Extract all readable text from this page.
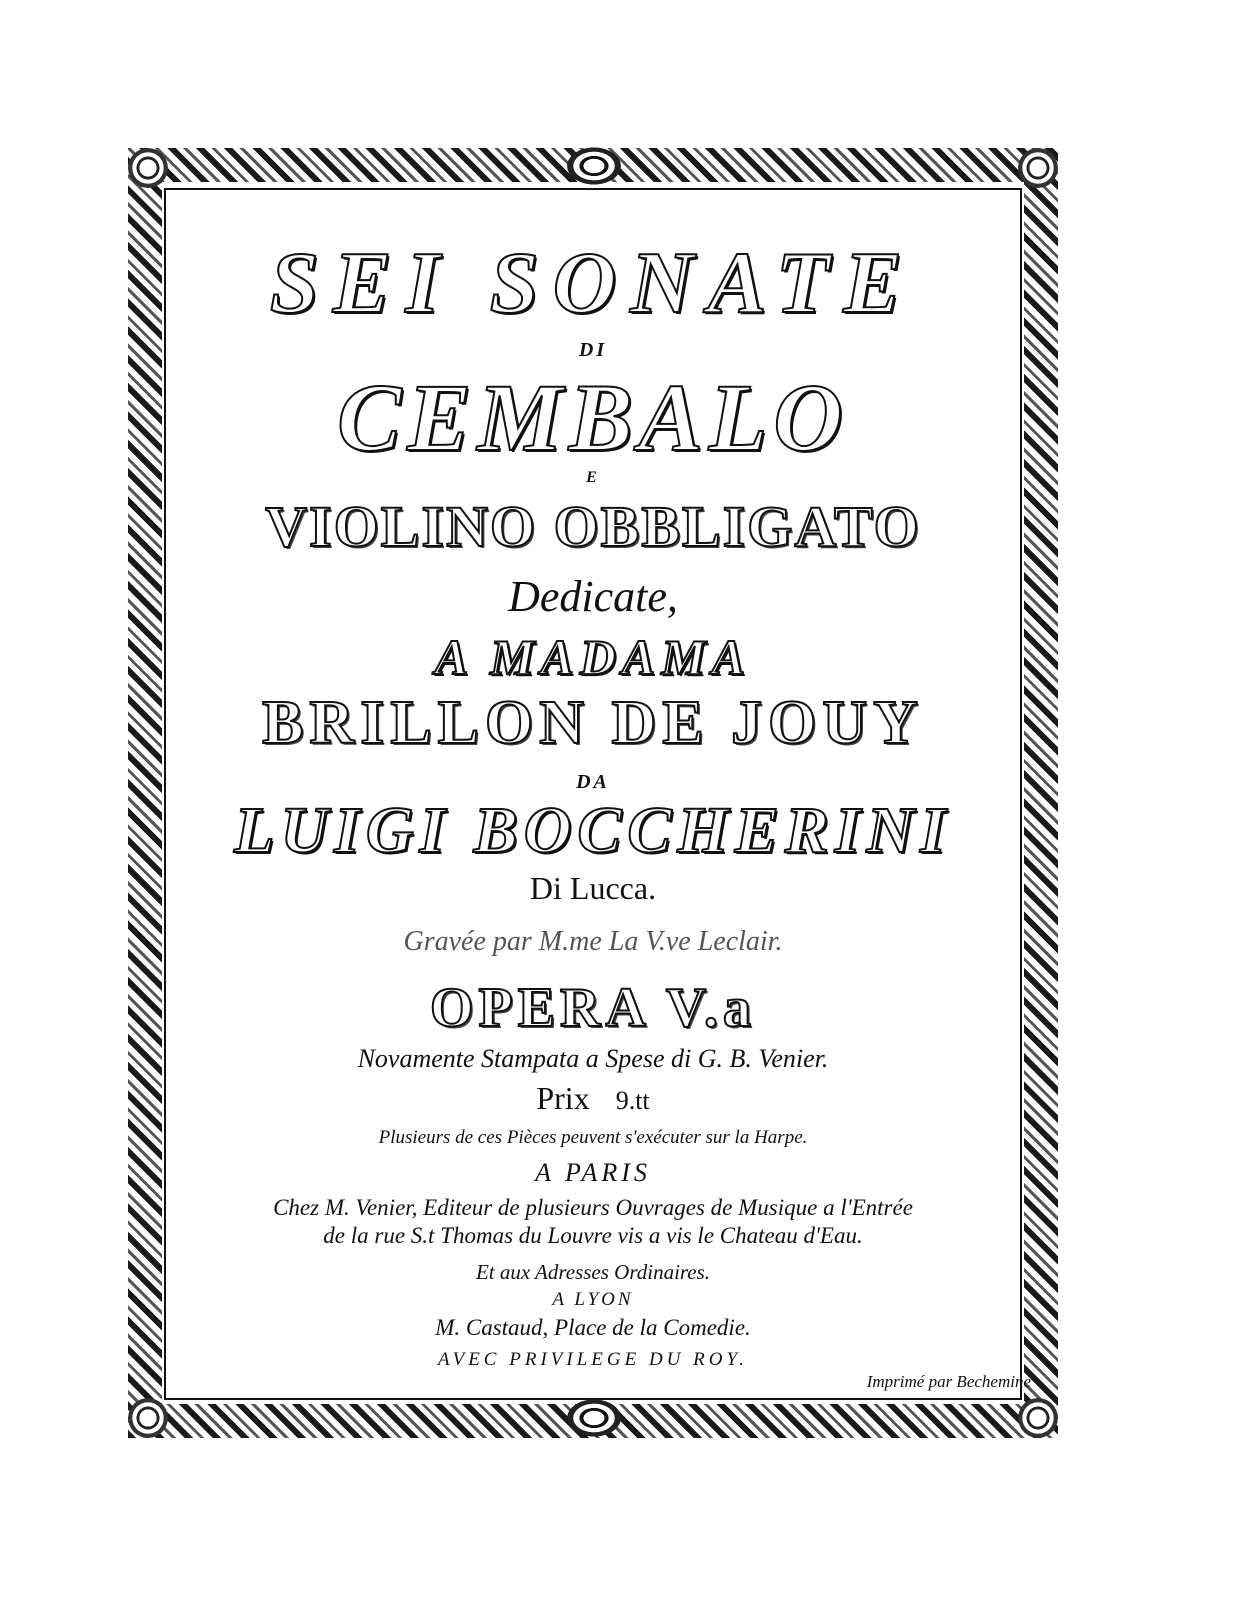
SEI SONATE
DI
CEMBALO
E
VIOLINO OBBLIGATO
Dedicate,
A MADAMA
BRILLON DE JOUY
DA
LUIGI BOCCHERINI
Di Lucca.
Gravée par M.me La V.ve Leclair.
OPERA V.a
Novamente Stampata a Spese di G. B. Venier.
Prix 9.tt
Plusieurs de ces Pièces peuvent s'exécuter sur la Harpe.
A PARIS
Chez M. Venier, Editeur de plusieurs Ouvrages de Musique a l'Entrée
de la rue S.t Thomas du Louvre vis a vis le Chateau d'Eau.
Et aux Adresses Ordinaires.
A LYON
M. Castaud, Place de la Comedie.
AVEC PRIVILEGE DU ROY.
Imprimé par Bechemine
